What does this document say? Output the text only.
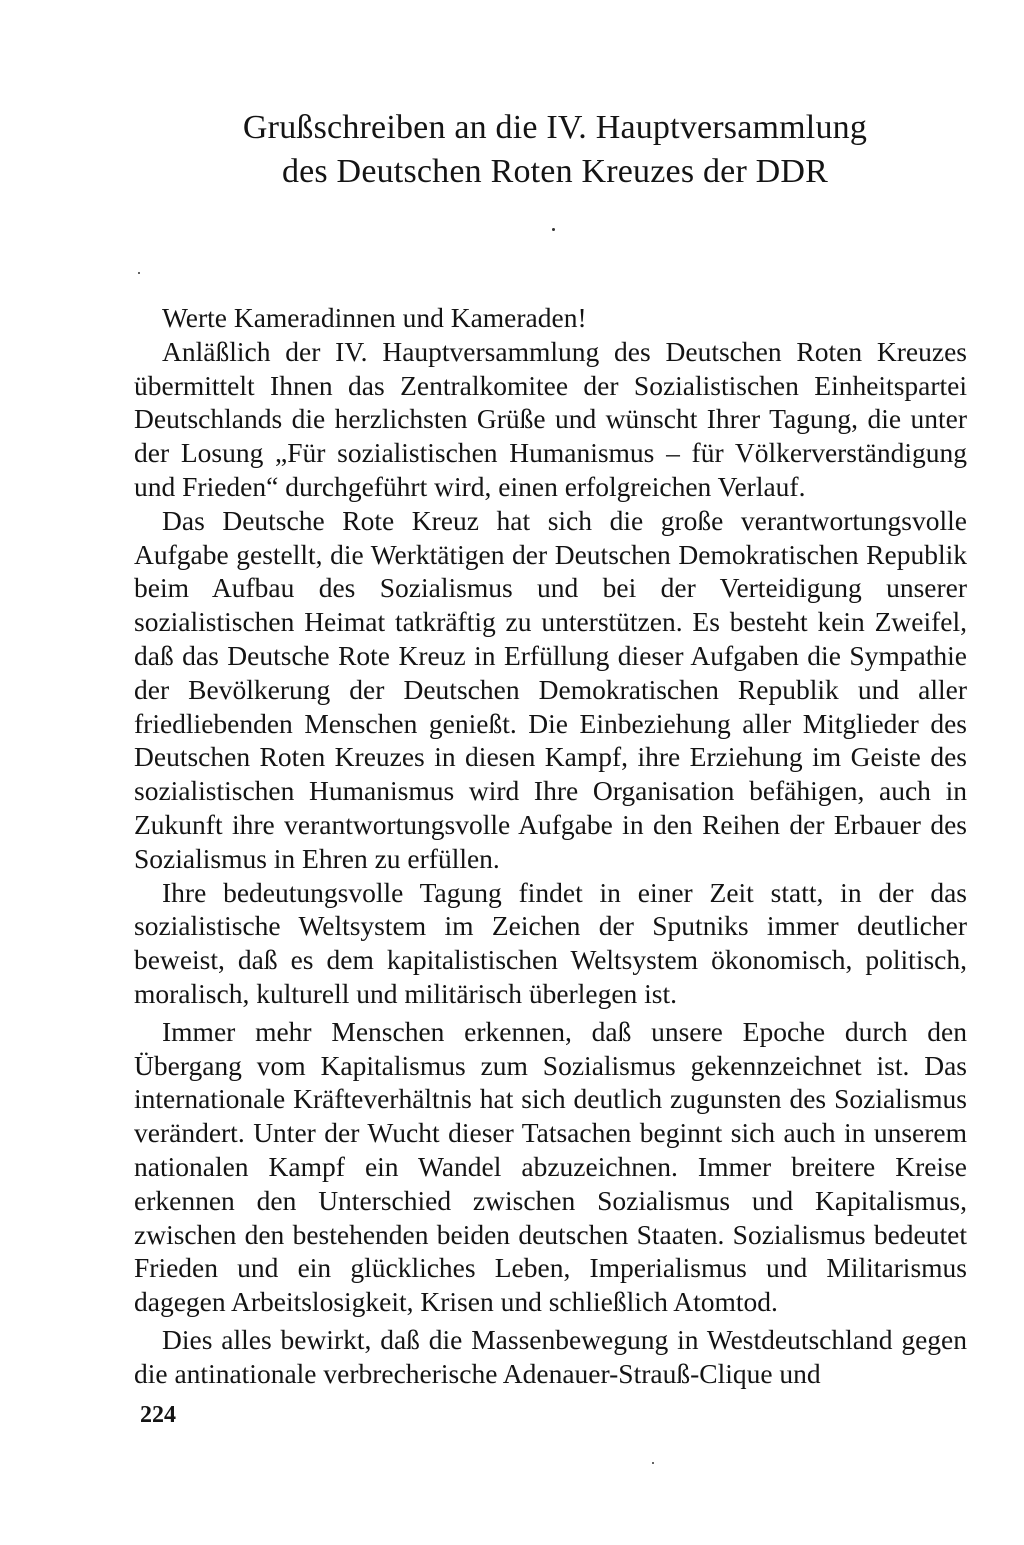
Grußschreiben an die IV. Hauptversammlung
des Deutschen Roten Kreuzes der DDR

Werte Kameradinnen und Kameraden!

Anläßlich der IV. Hauptversammlung des Deutschen Roten Kreuzes übermittelt Ihnen das Zentralkomitee der Sozialistischen Einheitspartei Deutschlands die herzlichsten Grüße und wünscht Ihrer Tagung, die unter der Losung „Für sozialistischen Humanismus – für Völkerverständigung und Frieden“ durchgeführt wird, einen erfolgreichen Verlauf.

Das Deutsche Rote Kreuz hat sich die große verantwortungsvolle Aufgabe gestellt, die Werktätigen der Deutschen Demokratischen Republik beim Aufbau des Sozialismus und bei der Verteidigung unserer sozialistischen Heimat tatkräftig zu unterstützen. Es besteht kein Zweifel, daß das Deutsche Rote Kreuz in Erfüllung dieser Aufgaben die Sympathie der Bevölkerung der Deutschen Demokratischen Republik und aller friedliebenden Menschen genießt. Die Einbeziehung aller Mitglieder des Deutschen Roten Kreuzes in diesen Kampf, ihre Erziehung im Geiste des sozialistischen Humanismus wird Ihre Organisation befähigen, auch in Zukunft ihre verantwortungsvolle Aufgabe in den Reihen der Erbauer des Sozialismus in Ehren zu erfüllen.

Ihre bedeutungsvolle Tagung findet in einer Zeit statt, in der das sozialistische Weltsystem im Zeichen der Sputniks immer deutlicher beweist, daß es dem kapitalistischen Weltsystem ökonomisch, politisch, moralisch, kulturell und militärisch überlegen ist.

Immer mehr Menschen erkennen, daß unsere Epoche durch den Übergang vom Kapitalismus zum Sozialismus gekennzeichnet ist. Das internationale Kräfteverhältnis hat sich deutlich zugunsten des Sozialismus verändert. Unter der Wucht dieser Tatsachen beginnt sich auch in unserem nationalen Kampf ein Wandel abzuzeichnen. Immer breitere Kreise erkennen den Unterschied zwischen Sozialismus und Kapitalismus, zwischen den bestehenden beiden deutschen Staaten. Sozialismus bedeutet Frieden und ein glückliches Leben, Imperialismus und Militarismus dagegen Arbeitslosigkeit, Krisen und schließlich Atomtod.

Dies alles bewirkt, daß die Massenbewegung in Westdeutschland gegen die antinationale verbrecherische Adenauer-Strauß-Clique und

224
